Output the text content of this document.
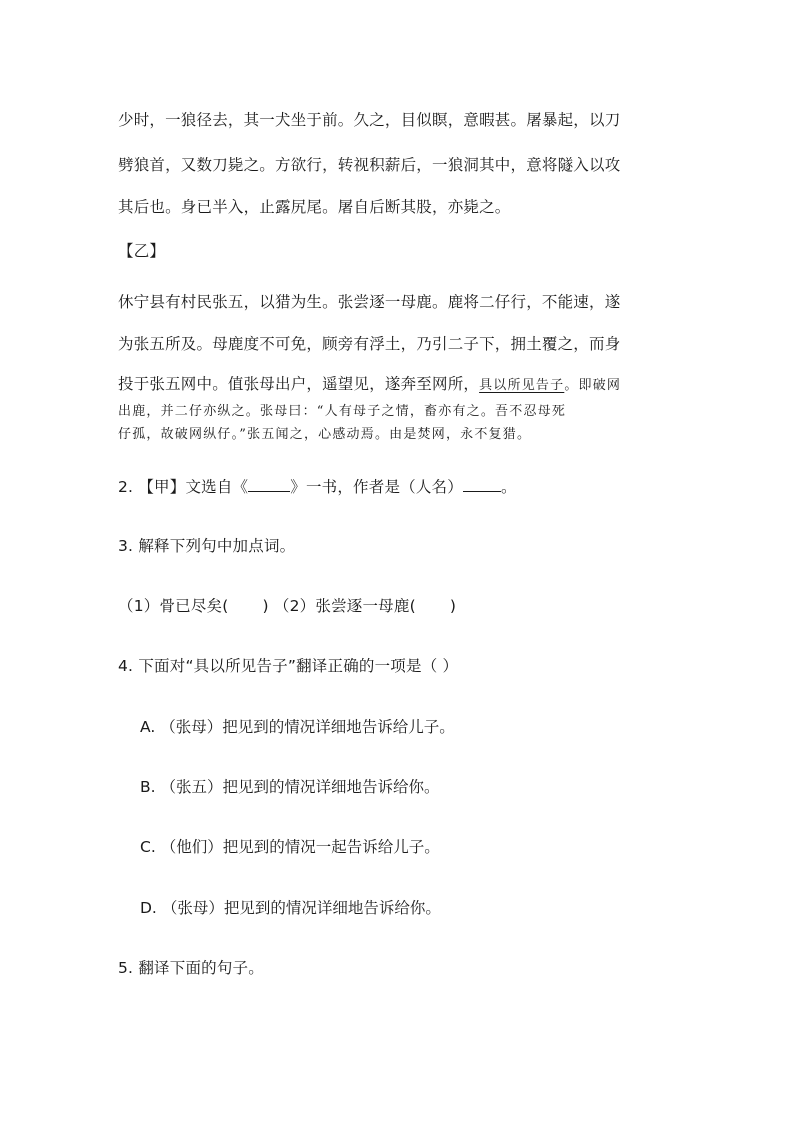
少时，一狼径去，其一犬坐于前。久之，目似瞑，意暇甚。屠暴起，以刀
劈狼首，又数刀毙之。方欲行，转视积薪后，一狼洞其中，意将隧入以攻
其后也。身已半入，止露尻尾。屠自后断其股，亦毙之。
【乙】
休宁县有村民张五，以猎为生。张尝逐一母鹿。鹿将二仔行，不能速，遂
为张五所及。母鹿度不可免，顾旁有浮土，乃引二子下，拥土覆之，而身
投于张五网中。值张母出户，遥望见，遂奔至网所，具以所见告子。即破网
出鹿，并二仔亦纵之。张母曰：“人有母子之情，畜亦有之。吾不忍母死
仔孤，故破网纵仔。”张五闻之，心感动焉。由是焚网，永不复猎。
2. 【甲】文选自《	》一书，作者是（人名） 。
3. 解释下列句中加点词。
（1）骨已尽矣( ) （2）张尝逐一母鹿( )
4. 下面对“具以所见告子”翻译正确的一项是（ ）
A. （张母）把见到的情况详细地告诉给儿子。
B. （张五）把见到的情况详细地告诉给你。
C. （他们）把见到的情况一起告诉给儿子。
D. （张母）把见到的情况详细地告诉给你。
5. 翻译下面的句子。
